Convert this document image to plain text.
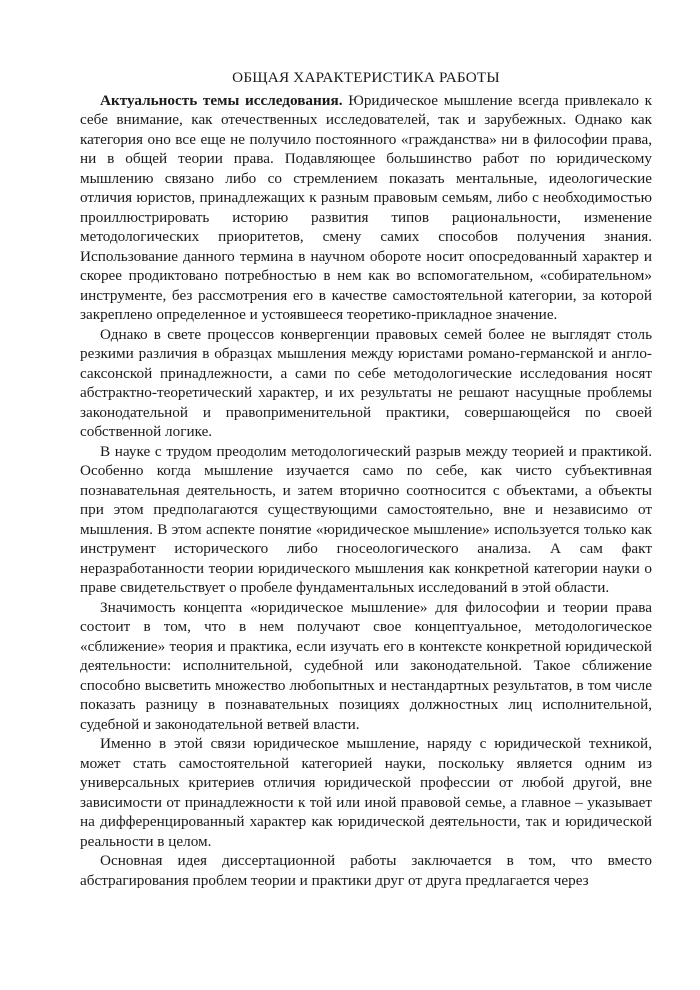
ОБЩАЯ ХАРАКТЕРИСТИКА РАБОТЫ

Актуальность темы исследования. Юридическое мышление всегда привлекало к себе внимание, как отечественных исследователей, так и зарубежных. Однако как категория оно все еще не получило постоянного «гражданства» ни в философии права, ни в общей теории права. Подавляющее большинство работ по юридическому мышлению связано либо со стремлением показать ментальные, идеологические отличия юристов, принадлежащих к разным правовым семьям, либо с необходимостью проиллюстрировать историю развития типов рациональности, изменение методологических приоритетов, смену самих способов получения знания. Использование данного термина в научном обороте носит опосредованный характер и скорее продиктовано потребностью в нем как во вспомогательном, «собирательном» инструменте, без рассмотрения его в качестве самостоятельной категории, за которой закреплено определенное и устоявшееся теоретико-прикладное значение.

Однако в свете процессов конвергенции правовых семей более не выглядят столь резкими различия в образцах мышления между юристами романо-германской и англо-саксонской принадлежности, а сами по себе методологические исследования носят абстрактно-теоретический характер, и их результаты не решают насущные проблемы законодательной и правоприменительной практики, совершающейся по своей собственной логике.

В науке с трудом преодолим методологический разрыв между теорией и практикой. Особенно когда мышление изучается само по себе, как чисто субъективная познавательная деятельность, и затем вторично соотносится с объектами, а объекты при этом предполагаются существующими самостоятельно, вне и независимо от мышления. В этом аспекте понятие «юридическое мышление» используется только как инструмент исторического либо гносеологического анализа. А сам факт неразработанности теории юридического мышления как конкретной категории науки о праве свидетельствует о пробеле фундаментальных исследований в этой области.

Значимость концепта «юридическое мышление» для философии и теории права состоит в том, что в нем получают свое концептуальное, методологическое «сближение» теория и практика, если изучать его в контексте конкретной юридической деятельности: исполнительной, судебной или законодательной. Такое сближение способно высветить множество любопытных и нестандартных результатов, в том числе показать разницу в познавательных позициях должностных лиц исполнительной, судебной и законодательной ветвей власти.

Именно в этой связи юридическое мышление, наряду с юридической техникой, может стать самостоятельной категорией науки, поскольку является одним из универсальных критериев отличия юридической профессии от любой другой, вне зависимости от принадлежности к той или иной правовой семье, а главное – указывает на дифференцированный характер как юридической деятельности, так и юридической реальности в целом.

Основная идея диссертационной работы заключается в том, что вместо абстрагирования проблем теории и практики друг от друга предлагается через
